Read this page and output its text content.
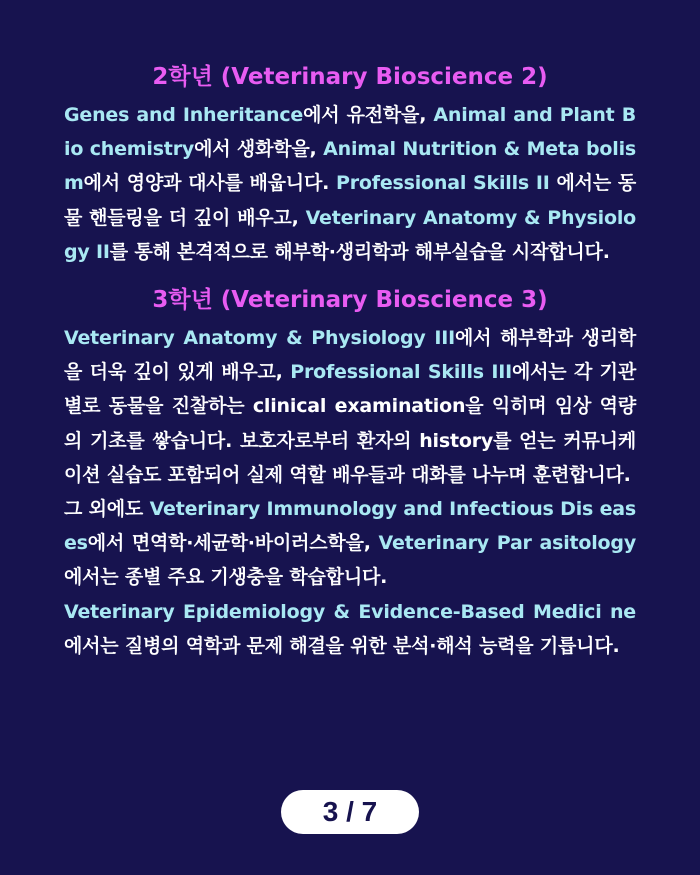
2학년 (Veterinary Bioscience 2)

Genes and Inheritance에서 유전학을, Animal and Plant Bio chemistry에서 생화학을, Animal Nutrition & Meta bolism에서 영양과 대사를 배웁니다. Professional Skills II 에서는 동물 핸들링을 더 깊이 배우고, Veterinary Anatomy & Physiology II를 통해 본격적으로 해부학·생리학과 해부실습을 시작합니다.

3학년 (Veterinary Bioscience 3)

Veterinary Anatomy & Physiology III에서 해부학과 생리학을 더욱 깊이 있게 배우고, Professional Skills III에서는 각 기관별로 동물을 진찰하는 clinical examination을 익히며 임상 역량의 기초를 쌓습니다. 보호자로부터 환자의 history를 얻는 커뮤니케이션 실습도 포함되어 실제 역할 배우들과 대화를 나누며 훈련합니다.

그 외에도 Veterinary Immunology and Infectious Dis eases에서 면역학·세균학·바이러스학을, Veterinary Par asitology에서는 종별 주요 기생충을 학습합니다.

Veterinary Epidemiology & Evidence-Based Medici ne에서는 질병의 역학과 문제 해결을 위한 분석·해석 능력을 기릅니다.

3 / 7
